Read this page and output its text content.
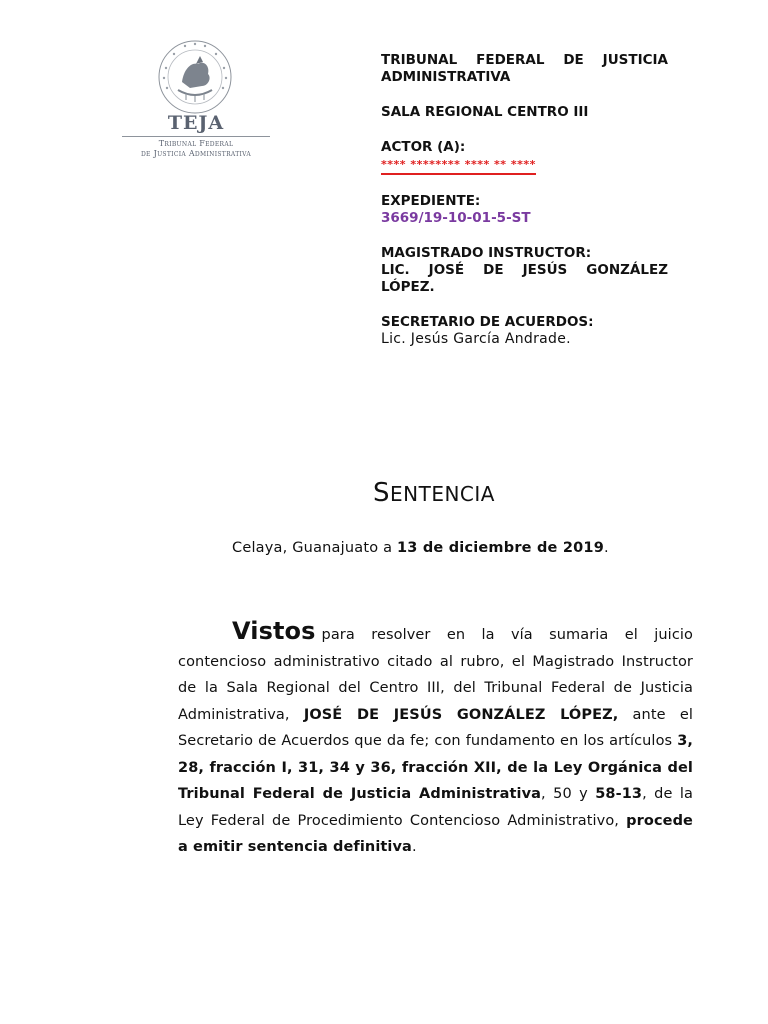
TEJA
Tribunal Federal
de Justicia Administrativa
TRIBUNAL FEDERAL DE JUSTICIA
ADMINISTRATIVA
SALA REGIONAL CENTRO III
ACTOR (A):
**** ******** **** ** ****
EXPEDIENTE:
3669/19-10-01-5-ST
MAGISTRADO INSTRUCTOR:
LIC. JOSÉ DE JESÚS GONZÁLEZ
LÓPEZ.
SECRETARIO DE ACUERDOS:
Lic. Jesús García Andrade.
SENTENCIA
Celaya, Guanajuato a 13 de diciembre de 2019.

Vistos para resolver en la vía sumaria el juicio contencioso administrativo citado al rubro, el Magistrado Instructor de la Sala Regional del Centro III, del Tribunal Federal de Justicia Administrativa, JOSÉ DE JESÚS GONZÁLEZ LÓPEZ, ante el Secretario de Acuerdos que da fe; con fundamento en los artículos 3, 28, fracción I, 31, 34 y 36, fracción XII, de la Ley Orgánica del Tribunal Federal de Justicia Administrativa, 50 y 58-13, de la Ley Federal de Procedimiento Contencioso Administrativo, procede a emitir sentencia definitiva.
